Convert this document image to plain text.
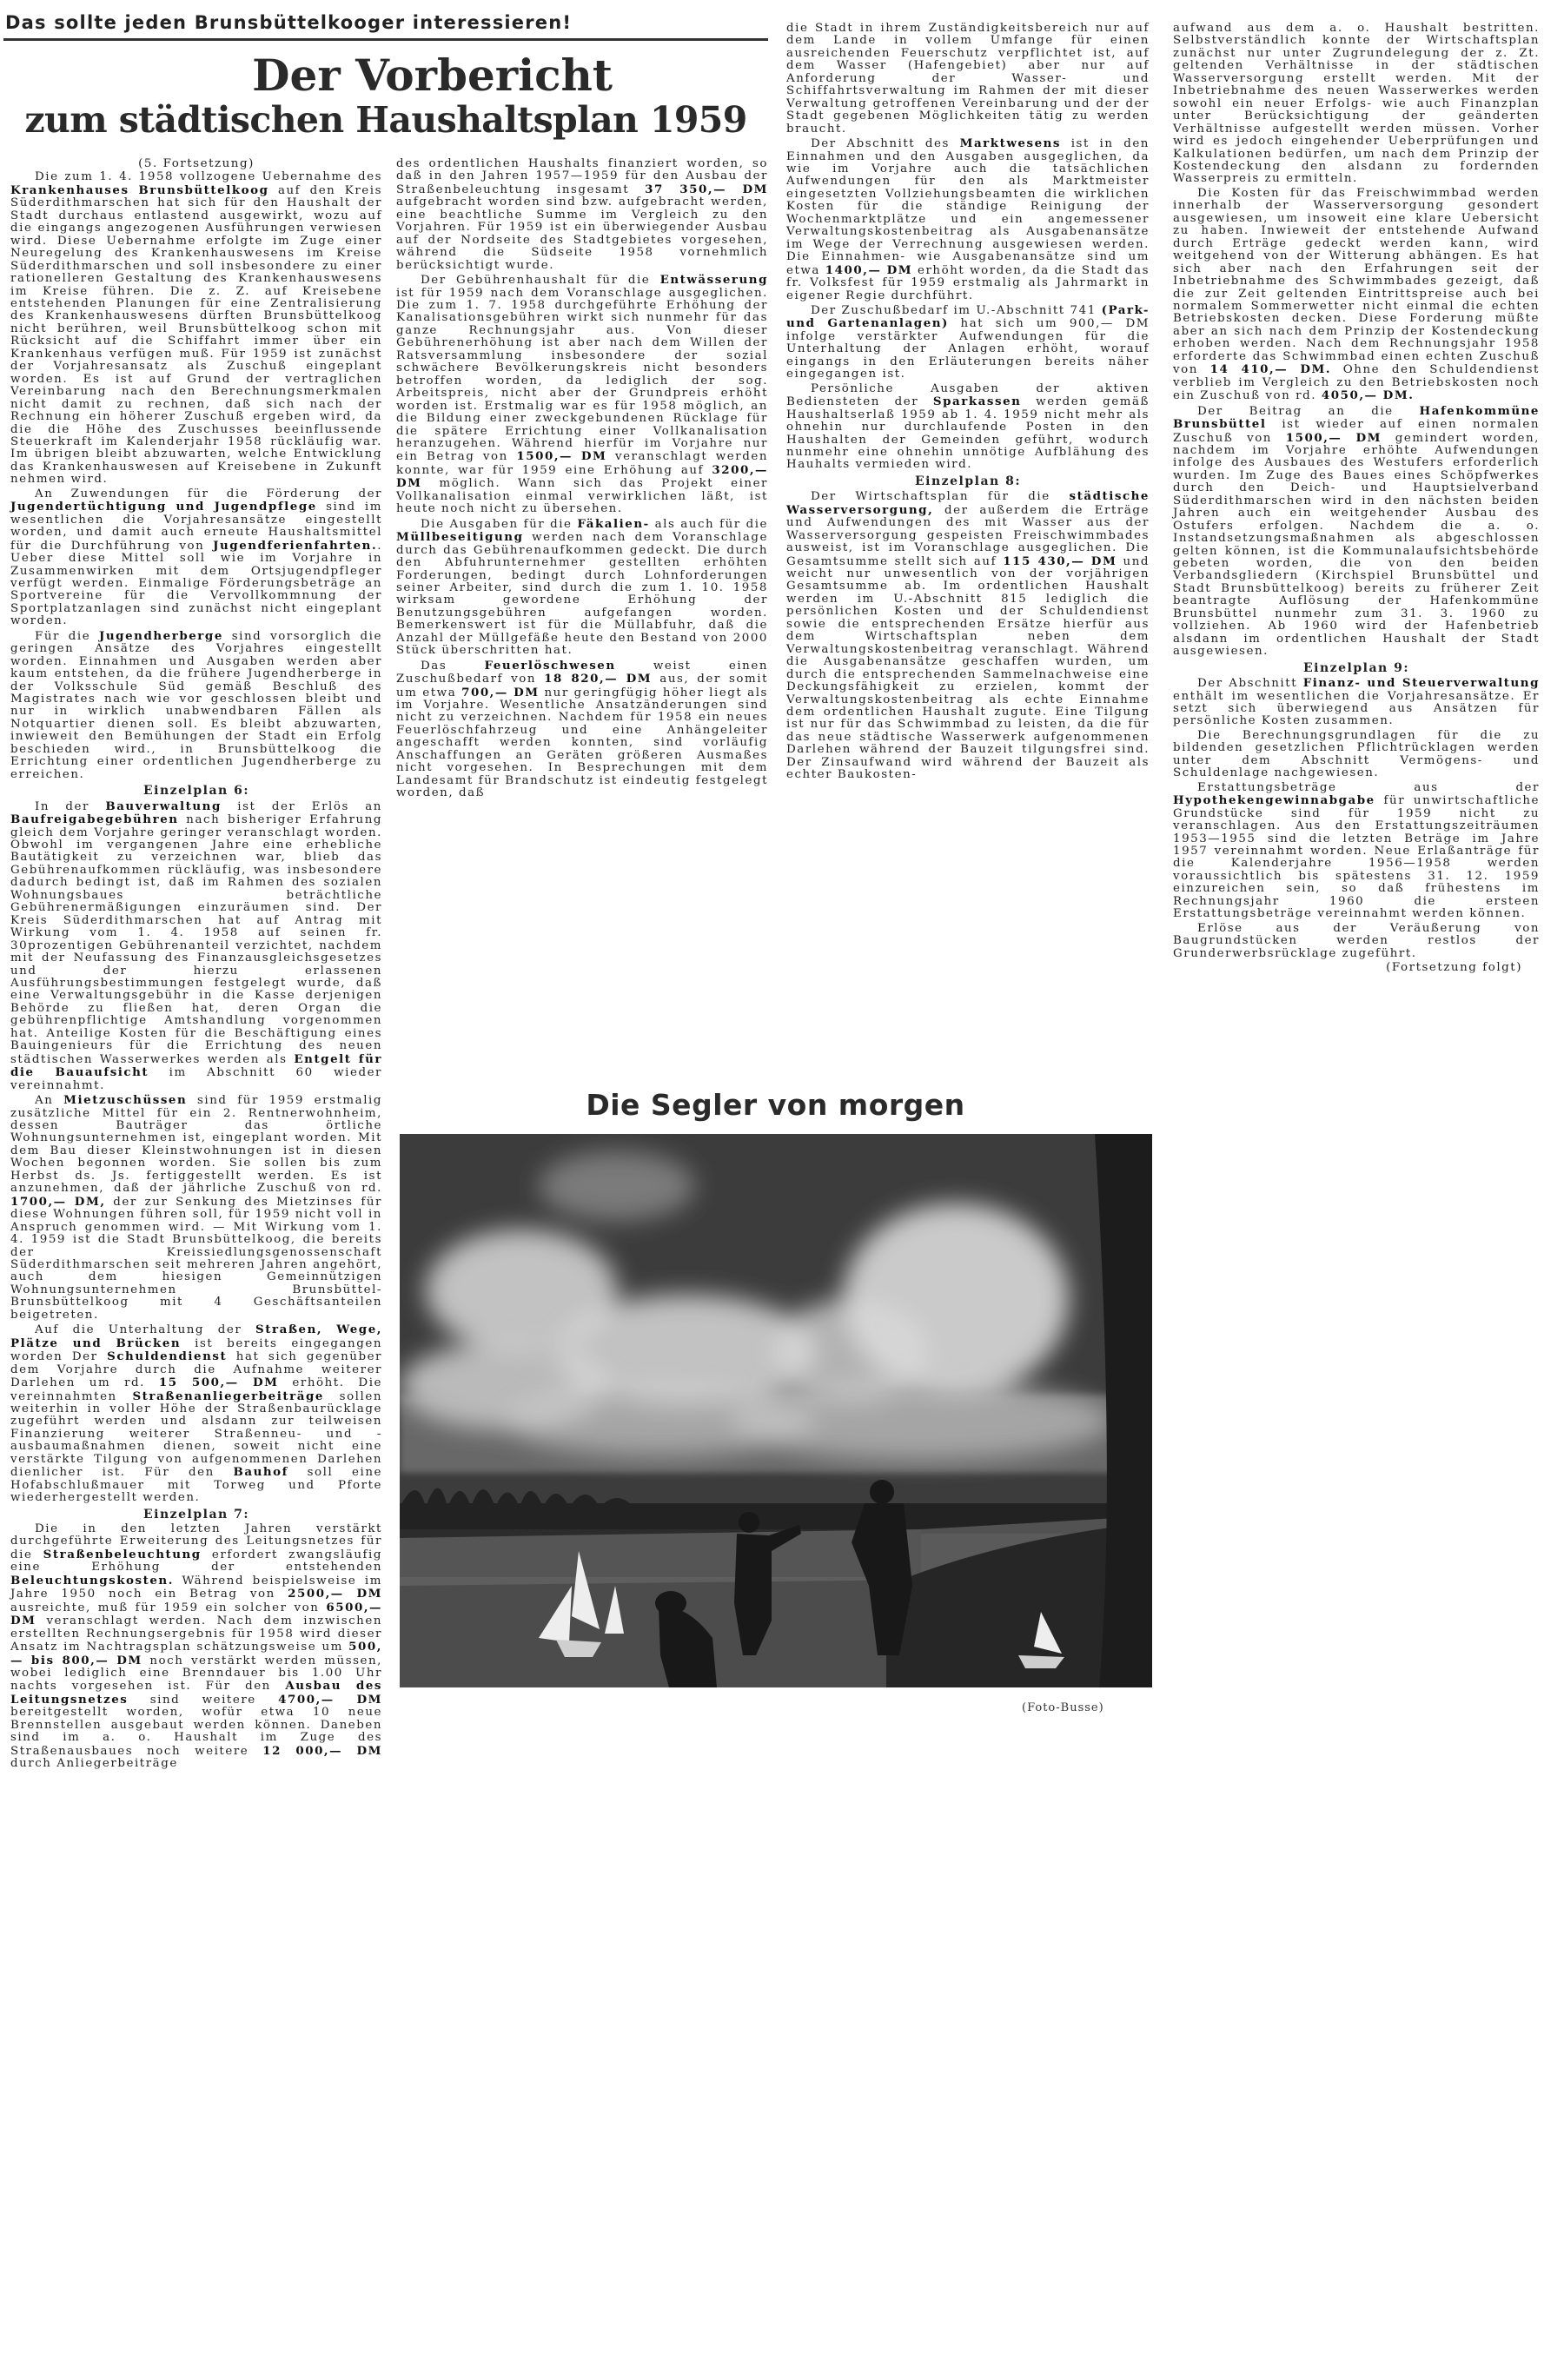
Das sollte jeden Brunsbüttelkooger interessieren!
Der Vorbericht
zum städtischen Haushaltsplan 1959

(5. Fortsetzung)

Die zum 1. 4. 1958 vollzogene Uebernahme des Krankenhauses Brunsbüttelkoog auf den Kreis Süderdithmarschen hat sich für den Haushalt der Stadt durchaus entlastend ausgewirkt, wozu auf die eingangs angezogenen Ausführungen verwiesen wird. Diese Uebernahme erfolgte im Zuge einer Neuregelung des Krankenhauswesens im Kreise Süderdithmarschen und soll insbesondere zu einer rationelleren Gestaltung des Krankenhauswesens im Kreise führen. Die z. Z. auf Kreisebene entstehenden Planungen für eine Zentralisierung des Krankenhauswesens dürften Brunsbüttelkoog nicht berühren, weil Brunsbüttelkoog schon mit Rücksicht auf die Schiffahrt immer über ein Krankenhaus verfügen muß. Für 1959 ist zunächst der Vorjahresansatz als Zuschuß eingeplant worden. Es ist auf Grund der vertraglichen Vereinbarung nach den Berechnungsmerkmalen nicht damit zu rechnen, daß sich nach der Rechnung ein höherer Zuschuß ergeben wird, da die die Höhe des Zuschusses beeinflussende Steuerkraft im Kalenderjahr 1958 rückläufig war. Im übrigen bleibt abzuwarten, welche Entwicklung das Krankenhauswesen auf Kreisebene in Zukunft nehmen wird.

An Zuwendungen für die Förderung der Jugendertüchtigung und Jugendpflege sind im wesentlichen die Vorjahresansätze eingestellt worden, und damit auch erneute Haushaltsmittel für die Durchführung von Jugendferienfahrten.. Ueber diese Mittel soll wie im Vorjahre in Zusammenwirken mit dem Ortsjugendpfleger verfügt werden. Einmalige Förderungsbeträge an Sportvereine für die Vervollkommnung der Sportplatzanlagen sind zunächst nicht eingeplant worden.

Für die Jugendherberge sind vorsorglich die geringen Ansätze des Vorjahres eingestellt worden. Einnahmen und Ausgaben werden aber kaum entstehen, da die frühere Jugendherberge in der Volksschule Süd gemäß Beschluß des Magistrates nach wie vor geschlossen bleibt und nur in wirklich unabwendbaren Fällen als Notquartier dienen soll. Es bleibt abzuwarten, inwieweit den Bemühungen der Stadt ein Erfolg beschieden wird., in Brunsbüttelkoog die Errichtung einer ordentlichen Jugendherberge zu erreichen.

Einzelplan 6:

In der Bauverwaltung ist der Erlös an Baufreigabegebühren nach bisheriger Erfahrung gleich dem Vorjahre geringer veranschlagt worden. Obwohl im vergangenen Jahre eine erhebliche Bautätigkeit zu verzeichnen war, blieb das Gebührenaufkommen rückläufig, was insbesondere dadurch bedingt ist, daß im Rahmen des sozialen Wohnungsbaues beträchtliche Gebührenermäßigungen einzuräumen sind. Der Kreis Süderdithmarschen hat auf Antrag mit Wirkung vom 1. 4. 1958 auf seinen fr. 30prozentigen Gebührenanteil verzichtet, nachdem mit der Neufassung des Finanzausgleichsgesetzes und der hierzu erlassenen Ausführungsbestimmungen festgelegt wurde, daß eine Verwaltungsgebühr in die Kasse derjenigen Behörde zu fließen hat, deren Organ die gebührenpflichtige Amtshandlung vorgenommen hat. Anteilige Kosten für die Beschäftigung eines Bauingenieurs für die Errichtung des neuen städtischen Wasserwerkes werden als Entgelt für die Bauaufsicht im Abschnitt 60 wieder vereinnahmt.

An Mietzuschüssen sind für 1959 erstmalig zusätzliche Mittel für ein 2. Rentnerwohnheim, dessen Bauträger das örtliche Wohnungsunternehmen ist, eingeplant worden. Mit dem Bau dieser Kleinstwohnungen ist in diesen Wochen begonnen worden. Sie sollen bis zum Herbst ds. Js. fertiggestellt werden. Es ist anzunehmen, daß der jährliche Zuschuß von rd. 1700,— DM, der zur Senkung des Mietzinses für diese Wohnungen führen soll, für 1959 nicht voll in Anspruch genommen wird. — Mit Wirkung vom 1. 4. 1959 ist die Stadt Brunsbüttelkoog, die bereits der Kreissiedlungsgenossenschaft Süderdithmarschen seit mehreren Jahren angehört, auch dem hiesigen Gemeinnützigen Wohnungsunternehmen Brunsbüttel-Brunsbüttelkoog mit 4 Geschäftsanteilen beigetreten.

Auf die Unterhaltung der Straßen, Wege, Plätze und Brücken ist bereits eingegangen worden Der Schuldendienst hat sich gegenüber dem Vorjahre durch die Aufnahme weiterer Darlehen um rd. 15 500,— DM erhöht. Die vereinnahmten Straßenanliegerbeiträge sollen weiterhin in voller Höhe der Straßenbaurücklage zugeführt werden und alsdann zur teilweisen Finanzierung weiterer Straßenneu- und -ausbaumaßnahmen dienen, soweit nicht eine verstärkte Tilgung von aufgenommenen Darlehen dienlicher ist. Für den Bauhof soll eine Hofabschlußmauer mit Torweg und Pforte wiederhergestellt werden.

Einzelplan 7:

Die in den letzten Jahren verstärkt durchgeführte Erweiterung des Leitungsnetzes für die Straßenbeleuchtung erfordert zwangsläufig eine Erhöhung der entstehenden Beleuchtungskosten. Während beispielsweise im Jahre 1950 noch ein Betrag von 2500,— DM ausreichte, muß für 1959 ein solcher von 6500,— DM veranschlagt werden. Nach dem inzwischen erstellten Rechnungsergebnis für 1958 wird dieser Ansatz im Nachtragsplan schätzungsweise um 500,— bis 800,— DM noch verstärkt werden müssen, wobei lediglich eine Brenndauer bis 1.00 Uhr nachts vorgesehen ist. Für den Ausbau des Leitungsnetzes sind weitere 4700,— DM bereitgestellt worden, wofür etwa 10 neue Brennstellen ausgebaut werden können. Daneben sind im a. o. Haushalt im Zuge des Straßenausbaues noch weitere 12 000,— DM durch Anliegerbeiträge

des ordentlichen Haushalts finanziert worden, so daß in den Jahren 1957—1959 für den Ausbau der Straßenbeleuchtung insgesamt 37 350,— DM aufgebracht worden sind bzw. aufgebracht werden, eine beachtliche Summe im Vergleich zu den Vorjahren. Für 1959 ist ein überwiegender Ausbau auf der Nordseite des Stadtgebietes vorgesehen, während die Südseite 1958 vornehmlich berücksichtigt wurde.

Der Gebührenhaushalt für die Entwässerung ist für 1959 nach dem Voranschlage ausgeglichen. Die zum 1. 7. 1958 durchgeführte Erhöhung der Kanalisationsgebühren wirkt sich nunmehr für das ganze Rechnungsjahr aus. Von dieser Gebührenerhöhung ist aber nach dem Willen der Ratsversammlung insbesondere der sozial schwächere Bevölkerungskreis nicht besonders betroffen worden, da lediglich der sog. Arbeitspreis, nicht aber der Grundpreis erhöht worden ist. Erstmalig war es für 1958 möglich, an die Bildung einer zweckgebundenen Rücklage für die spätere Errichtung einer Vollkanalisation heranzugehen. Während hierfür im Vorjahre nur ein Betrag von 1500,— DM veranschlagt werden konnte, war für 1959 eine Erhöhung auf 3200,— DM möglich. Wann sich das Projekt einer Vollkanalisation einmal verwirklichen läßt, ist heute noch nicht zu übersehen.

Die Ausgaben für die Fäkalien- als auch für die Müllbeseitigung werden nach dem Voranschlage durch das Gebührenaufkommen gedeckt. Die durch den Abfuhrunternehmer gestellten erhöhten Forderungen, bedingt durch Lohnforderungen seiner Arbeiter, sind durch die zum 1. 10. 1958 wirksam gewordene Erhöhung der Benutzungsgebühren aufgefangen worden. Bemerkenswert ist für die Müllabfuhr, daß die Anzahl der Müllgefäße heute den Bestand von 2000 Stück überschritten hat.

Das Feuerlöschwesen weist einen Zuschußbedarf von 18 820,— DM aus, der somit um etwa 700,— DM nur geringfügig höher liegt als im Vorjahre. Wesentliche Ansatzänderungen sind nicht zu verzeichnen. Nachdem für 1958 ein neues Feuerlöschfahrzeug und eine Anhängeleiter angeschafft werden konnten, sind vorläufig Anschaffungen an Geräten größeren Ausmaßes nicht vorgesehen. In Besprechungen mit dem Landesamt für Brandschutz ist eindeutig festgelegt worden, daß

die Stadt in ihrem Zuständigkeitsbereich nur auf dem Lande in vollem Umfange für einen ausreichenden Feuerschutz verpflichtet ist, auf dem Wasser (Hafengebiet) aber nur auf Anforderung der Wasser- und Schiffahrtsverwaltung im Rahmen der mit dieser Verwaltung getroffenen Vereinbarung und der der Stadt gegebenen Möglichkeiten tätig zu werden braucht.

Der Abschnitt des Marktwesens ist in den Einnahmen und den Ausgaben ausgeglichen, da wie im Vorjahre auch die tatsächlichen Aufwendungen für den als Marktmeister eingesetzten Vollziehungsbeamten die wirklichen Kosten für die ständige Reinigung der Wochenmarktplätze und ein angemessener Verwaltungskostenbeitrag als Ausgabenansätze im Wege der Verrechnung ausgewiesen werden. Die Einnahmen- wie Ausgabenansätze sind um etwa 1400,— DM erhöht worden, da die Stadt das fr. Volksfest für 1959 erstmalig als Jahrmarkt in eigener Regie durchführt.

Der Zuschußbedarf im U.-Abschnitt 741 (Park- und Gartenanlagen) hat sich um 900,— DM infolge verstärkter Aufwendungen für die Unterhaltung der Anlagen erhöht, worauf eingangs in den Erläuterungen bereits näher eingegangen ist.

Persönliche Ausgaben der aktiven Bediensteten der Sparkassen werden gemäß Haushaltserlaß 1959 ab 1. 4. 1959 nicht mehr als ohnehin nur durchlaufende Posten in den Haushalten der Gemeinden geführt, wodurch nunmehr eine ohnehin unnötige Aufblähung des Hauhalts vermieden wird.

Einzelplan 8:

Der Wirtschaftsplan für die städtische Wasserversorgung, der außerdem die Erträge und Aufwendungen des mit Wasser aus der Wasserversorgung gespeisten Freischwimmbades ausweist, ist im Voranschlage ausgeglichen. Die Gesamtsumme stellt sich auf 115 430,— DM und weicht nur unwesentlich von der vorjährigen Gesamtsumme ab. Im ordentlichen Haushalt werden im U.-Abschnitt 815 lediglich die persönlichen Kosten und der Schuldendienst sowie die entsprechenden Ersätze hierfür aus dem Wirtschaftsplan neben dem Verwaltungskostenbeitrag veranschlagt. Während die Ausgabenansätze geschaffen wurden, um durch die entsprechenden Sammelnachweise eine Deckungsfähigkeit zu erzielen, kommt der Verwaltungskostenbeitrag als echte Einnahme dem ordentlichen Haushalt zugute. Eine Tilgung ist nur für das Schwimmbad zu leisten, da die für das neue städtische Wasserwerk aufgenommenen Darlehen während der Bauzeit tilgungsfrei sind. Der Zinsaufwand wird während der Bauzeit als echter Baukosten-

aufwand aus dem a. o. Haushalt bestritten. Selbstverständlich konnte der Wirtschaftsplan zunächst nur unter Zugrundelegung der z. Zt. geltenden Verhältnisse in der städtischen Wasserversorgung erstellt werden. Mit der Inbetriebnahme des neuen Wasserwerkes werden sowohl ein neuer Erfolgs- wie auch Finanzplan unter Berücksichtigung der geänderten Verhältnisse aufgestellt werden müssen. Vorher wird es jedoch eingehender Ueberprüfungen und Kalkulationen bedürfen, um nach dem Prinzip der Kostendeckung den alsdann zu fordernden Wasserpreis zu ermitteln.

Die Kosten für das Freischwimmbad werden innerhalb der Wasserversorgung gesondert ausgewiesen, um insoweit eine klare Uebersicht zu haben. Inwieweit der entstehende Aufwand durch Erträge gedeckt werden kann, wird weitgehend von der Witterung abhängen. Es hat sich aber nach den Erfahrungen seit der Inbetriebnahme des Schwimmbades gezeigt, daß die zur Zeit geltenden Eintrittspreise auch bei normalem Sommerwetter nicht einmal die echten Betriebskosten decken. Diese Forderung müßte aber an sich nach dem Prinzip der Kostendeckung erhoben werden. Nach dem Rechnungsjahr 1958 erforderte das Schwimmbad einen echten Zuschuß von 14 410,— DM. Ohne den Schuldendienst verblieb im Vergleich zu den Betriebskosten noch ein Zuschuß von rd. 4050,— DM.

Der Beitrag an die Hafenkommüne Brunsbüttel ist wieder auf einen normalen Zuschuß von 1500,— DM gemindert worden, nachdem im Vorjahre erhöhte Aufwendungen infolge des Ausbaues des Westufers erforderlich wurden. Im Zuge des Baues eines Schöpfwerkes durch den Deich- und Hauptsielverband Süderdithmarschen wird in den nächsten beiden Jahren auch ein weitgehender Ausbau des Ostufers erfolgen. Nachdem die a. o. Instandsetzungsmaßnahmen als abgeschlossen gelten können, ist die Kommunalaufsichtsbehörde gebeten worden, die von den beiden Verbandsgliedern (Kirchspiel Brunsbüttel und Stadt Brunsbüttelkoog) bereits zu früherer Zeit beantragte Auflösung der Hafenkommüne Brunsbüttel nunmehr zum 31. 3. 1960 zu vollziehen. Ab 1960 wird der Hafenbetrieb alsdann im ordentlichen Haushalt der Stadt ausgewiesen.

Einzelplan 9:

Der Abschnitt Finanz- und Steuerverwaltung enthält im wesentlichen die Vorjahresansätze. Er setzt sich überwiegend aus Ansätzen für persönliche Kosten zusammen.

Die Berechnungsgrundlagen für die zu bildenden gesetzlichen Pflichtrücklagen werden unter dem Abschnitt Vermögens- und Schuldenlage nachgewiesen.

Erstattungsbeträge aus der Hypothekengewinnabgabe für unwirtschaftliche Grundstücke sind für 1959 nicht zu veranschlagen. Aus den Erstattungszeiträumen 1953—1955 sind die letzten Beträge im Jahre 1957 vereinnahmt worden. Neue Erlaßanträge für die Kalenderjahre 1956—1958 werden voraussichtlich bis spätestens 31. 12. 1959 einzureichen sein, so daß frühestens im Rechnungsjahr 1960 die ersteen Erstattungsbeträge vereinnahmt werden können.

Erlöse aus der Veräußerung von Baugrundstücken werden restlos der Grunderwerbsrücklage zugeführt.

(Fortsetzung folgt)

Die Segler von morgen
(Foto-Busse)
